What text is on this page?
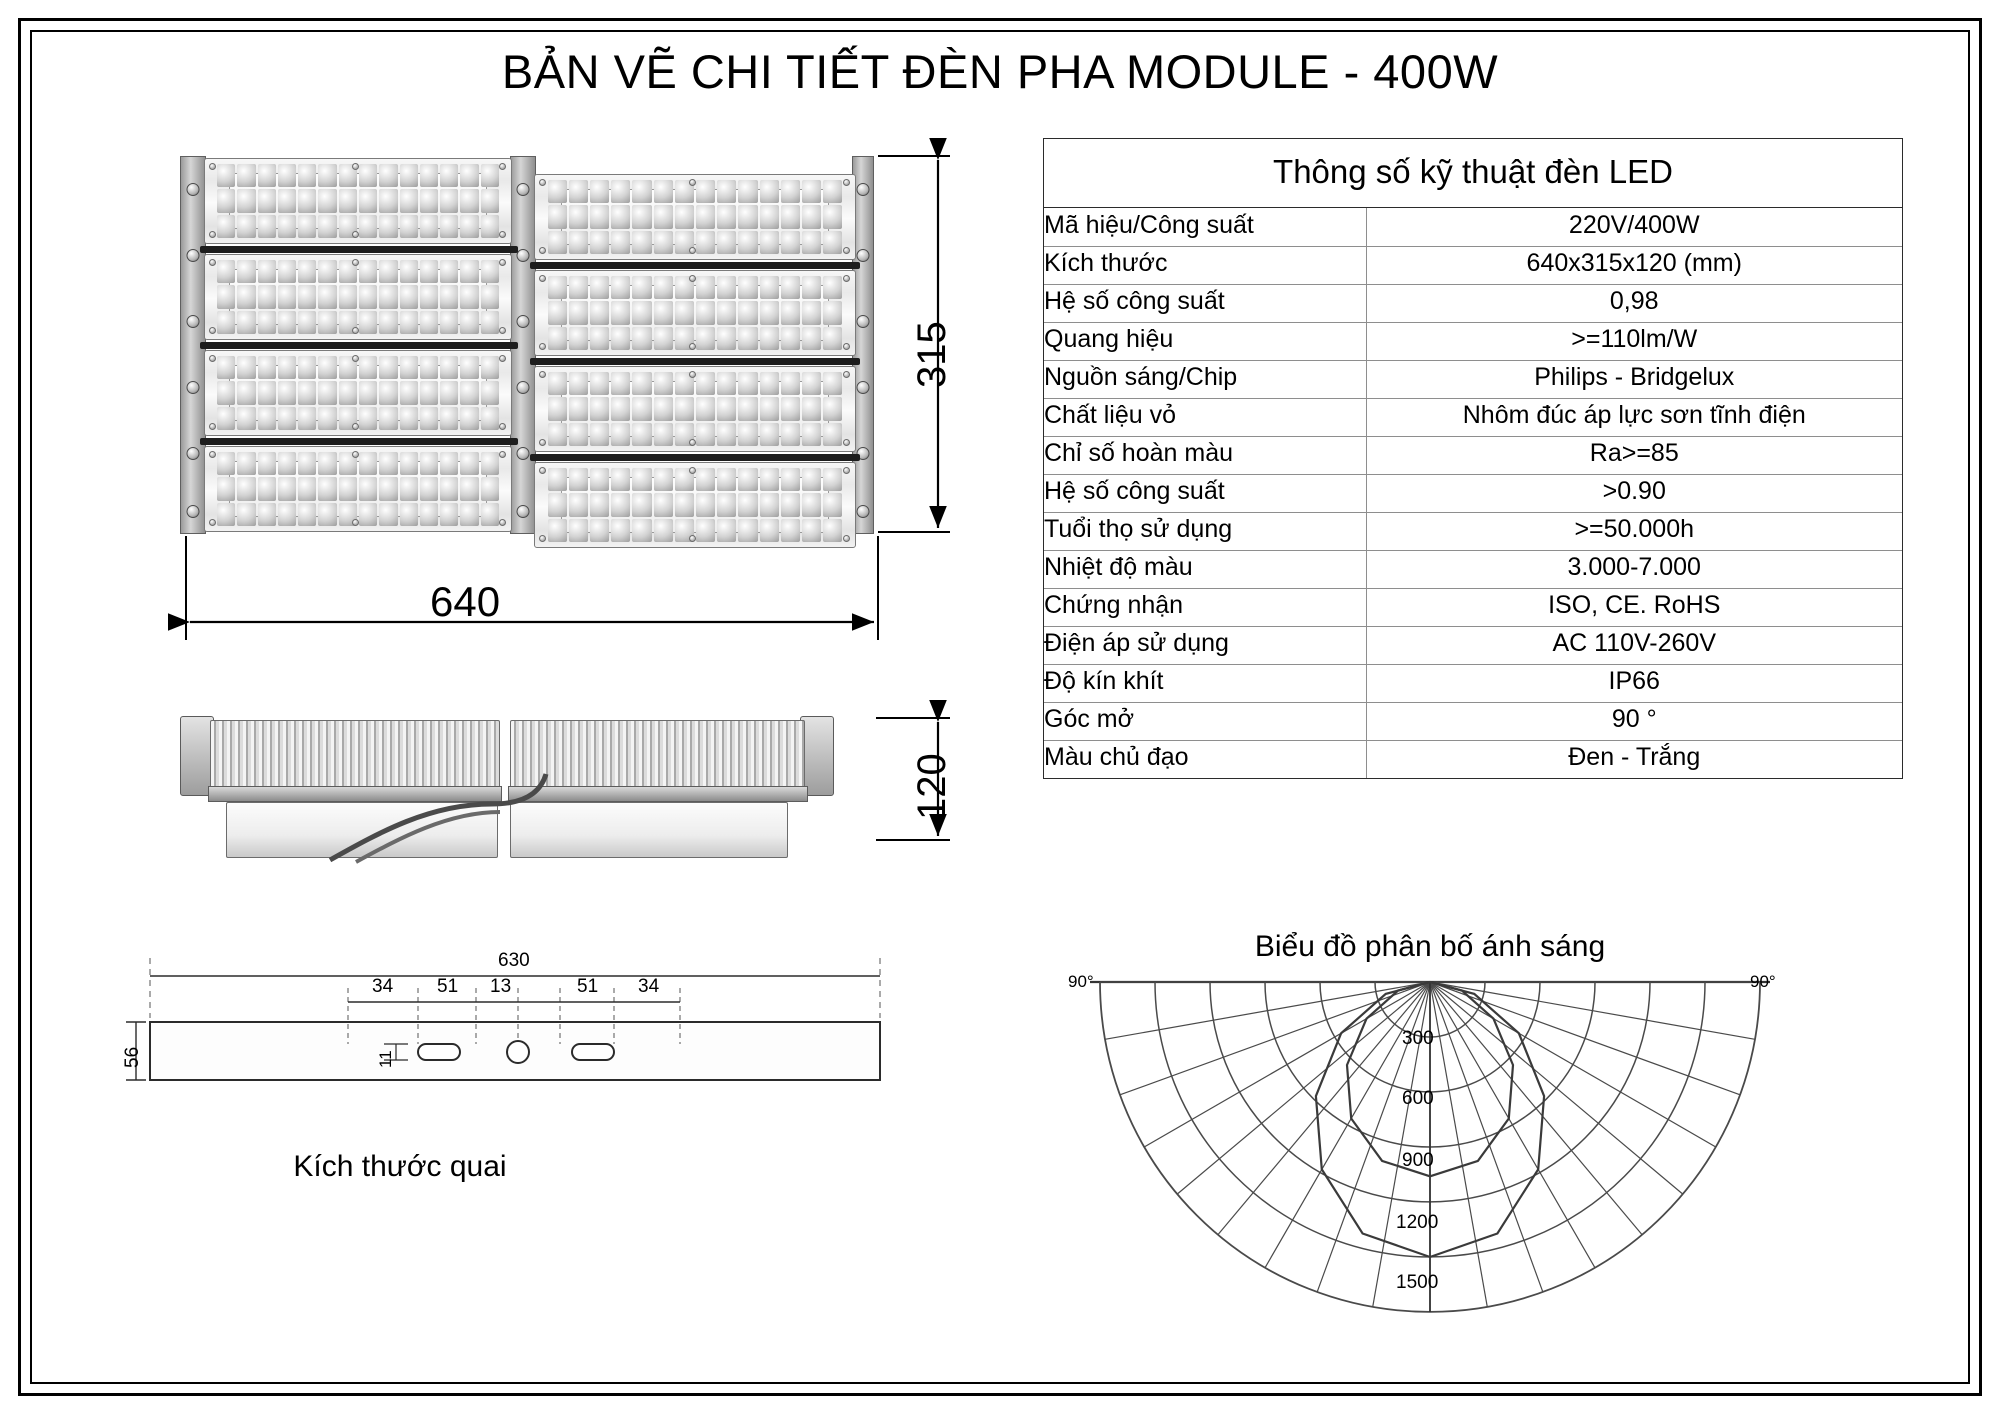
BẢN VẼ CHI TIẾT ĐÈN PHA MODULE - 400W
640
315
120
Thông số kỹ thuật đèn LED
Mã hiệu/Công suất	220V/400W
Kích thước	640x315x120 (mm)
Hệ số công suất	0,98
Quang hiệu	>=110lm/W
Nguồn sáng/Chip	Philips - Bridgelux
Chất liệu vỏ	Nhôm đúc áp lực sơn tĩnh điện
Chỉ số hoàn màu	Ra>=85
Hệ số công suất	>0.90
Tuổi thọ sử dụng	>=50.000h
Nhiệt độ màu	3.000-7.000
Chứng nhận	ISO, CE. RoHS
Điện áp sử dụng	AC 110V-260V
Độ kín khít	IP66
Góc mở	90 °
Màu chủ đạo	Đen - Trắng
630
56	11
34 51 13	51 34
Kích thước quai
Biểu đồ phân bố ánh sáng
90°	90°
300
600
900
1200
1500
